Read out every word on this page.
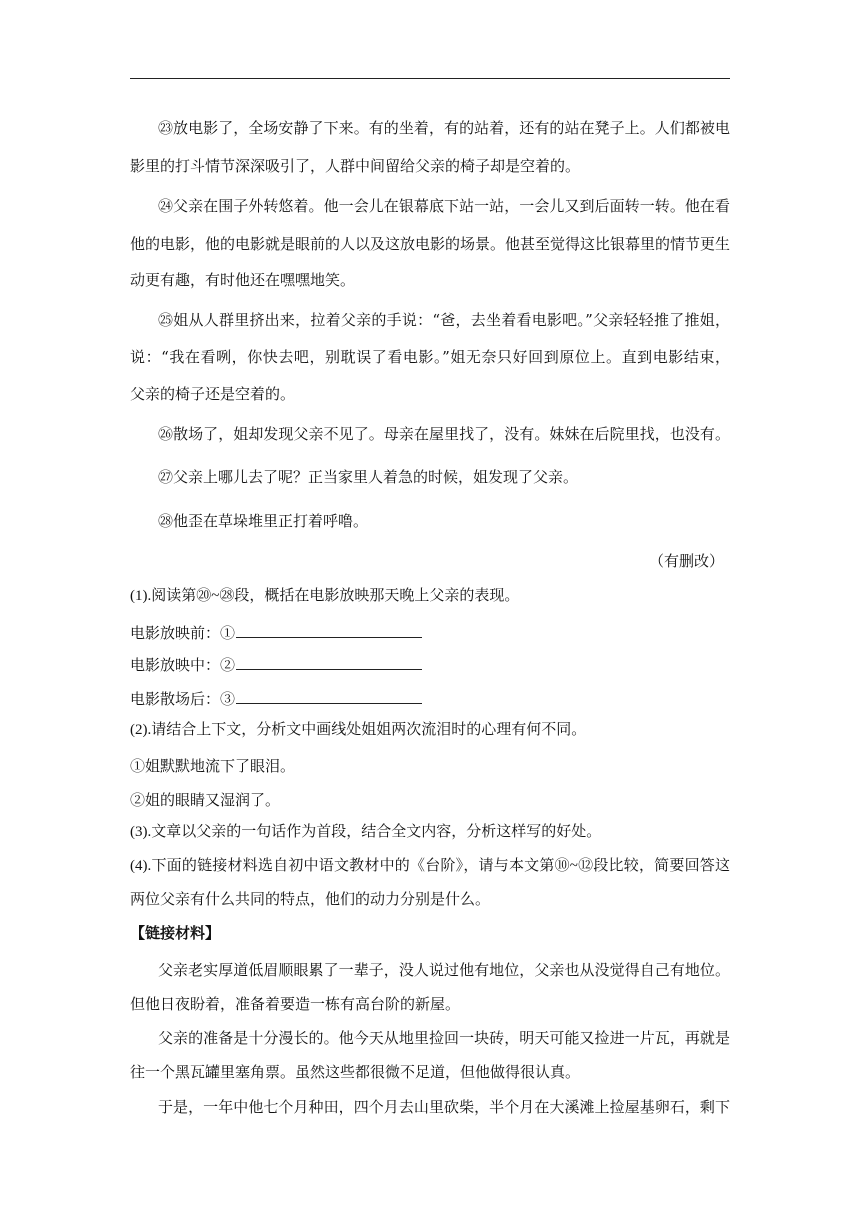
㉓放电影了，全场安静了下来。有的坐着，有的站着，还有的站在凳子上。人们都被电
影里的打斗情节深深吸引了，人群中间留给父亲的椅子却是空着的。
㉔父亲在围子外转悠着。他一会儿在银幕底下站一站，一会儿又到后面转一转。他在看
他的电影，他的电影就是眼前的人以及这放电影的场景。他甚至觉得这比银幕里的情节更生
动更有趣，有时他还在嘿嘿地笑。
㉕姐从人群里挤出来，拉着父亲的手说：“爸，去坐着看电影吧。”父亲轻轻推了推姐，
说：“我在看咧，你快去吧，别耽误了看电影。”姐无奈只好回到原位上。直到电影结束，
父亲的椅子还是空着的。
㉖散场了，姐却发现父亲不见了。母亲在屋里找了，没有。妹妹在后院里找，也没有。
㉗父亲上哪儿去了呢？正当家里人着急的时候，姐发现了父亲。
㉘他歪在草垛堆里正打着呼噜。
（有删改）
(1).阅读第⑳~㉘段，概括在电影放映那天晚上父亲的表现。
电影放映前：①
电影放映中：②
电影散场后：③
(2).请结合上下文，分析文中画线处姐姐两次流泪时的心理有何不同。
①姐默默地流下了眼泪。
②姐的眼睛又湿润了。
(3).文章以父亲的一句话作为首段，结合全文内容，分析这样写的好处。
(4).下面的链接材料选自初中语文教材中的《台阶》，请与本文第⑩~⑫段比较，简要回答这
两位父亲有什么共同的特点，他们的动力分别是什么。
【链接材料】
父亲老实厚道低眉顺眼累了一辈子，没人说过他有地位，父亲也从没觉得自己有地位。
但他日夜盼着，准备着要造一栋有高台阶的新屋。
父亲的准备是十分漫长的。他今天从地里捡回一块砖，明天可能又捡进一片瓦，再就是
往一个黑瓦罐里塞角票。虽然这些都很微不足道，但他做得很认真。
于是，一年中他七个月种田，四个月去山里砍柴，半个月在大溪滩上捡屋基卵石，剩下
